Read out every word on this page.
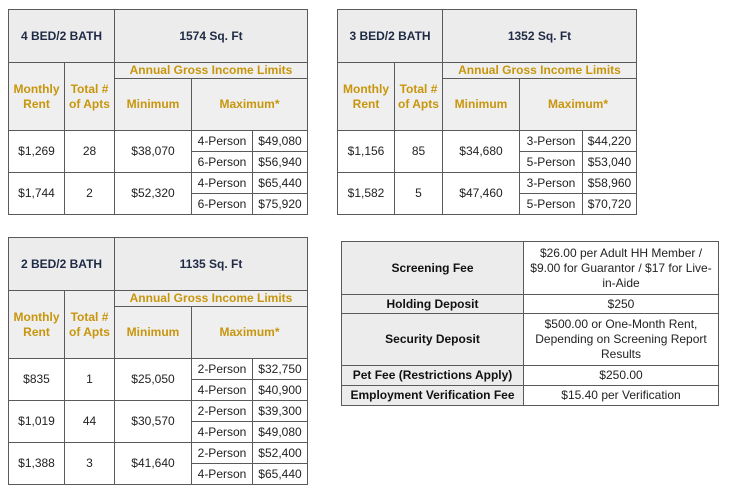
4 BED/2 BATH		1574 Sq. Ft		
Monthly Rent	Total # of Apts	Annual Gross Income Limits		
		Minimum	Maximum*	
$1,269	28	$38,070	4-Person	$49,080
			6-Person	$56,940
$1,744	2	$52,320	4-Person	$65,440
			6-Person	$75,920
3 BED/2 BATH		1352 Sq. Ft		
Monthly Rent	Total # of Apts	Annual Gross Income Limits		
		Minimum	Maximum*	
$1,156	85	$34,680	3-Person	$44,220
			5-Person	$53,040
$1,582	5	$47,460	3-Person	$58,960
			5-Person	$70,720
2 BED/2 BATH		1135 Sq. Ft		
Monthly Rent	Total # of Apts	Annual Gross Income Limits		
		Minimum	Maximum*	
$835	1	$25,050	2-Person	$32,750
			4-Person	$40,900
$1,019	44	$30,570	2-Person	$39,300
			4-Person	$49,080
$1,388	3	$41,640	2-Person	$52,400
			4-Person	$65,440
Screening Fee	$26.00 per Adult HH Member / $9.00 for Guarantor / $17 for Live-in-Aide
Holding Deposit	$250
Security Deposit	$500.00 or One-Month Rent, Depending on Screening Report Results
Pet Fee (Restrictions Apply)	$250.00
Employment Verification Fee	$15.40 per Verification
